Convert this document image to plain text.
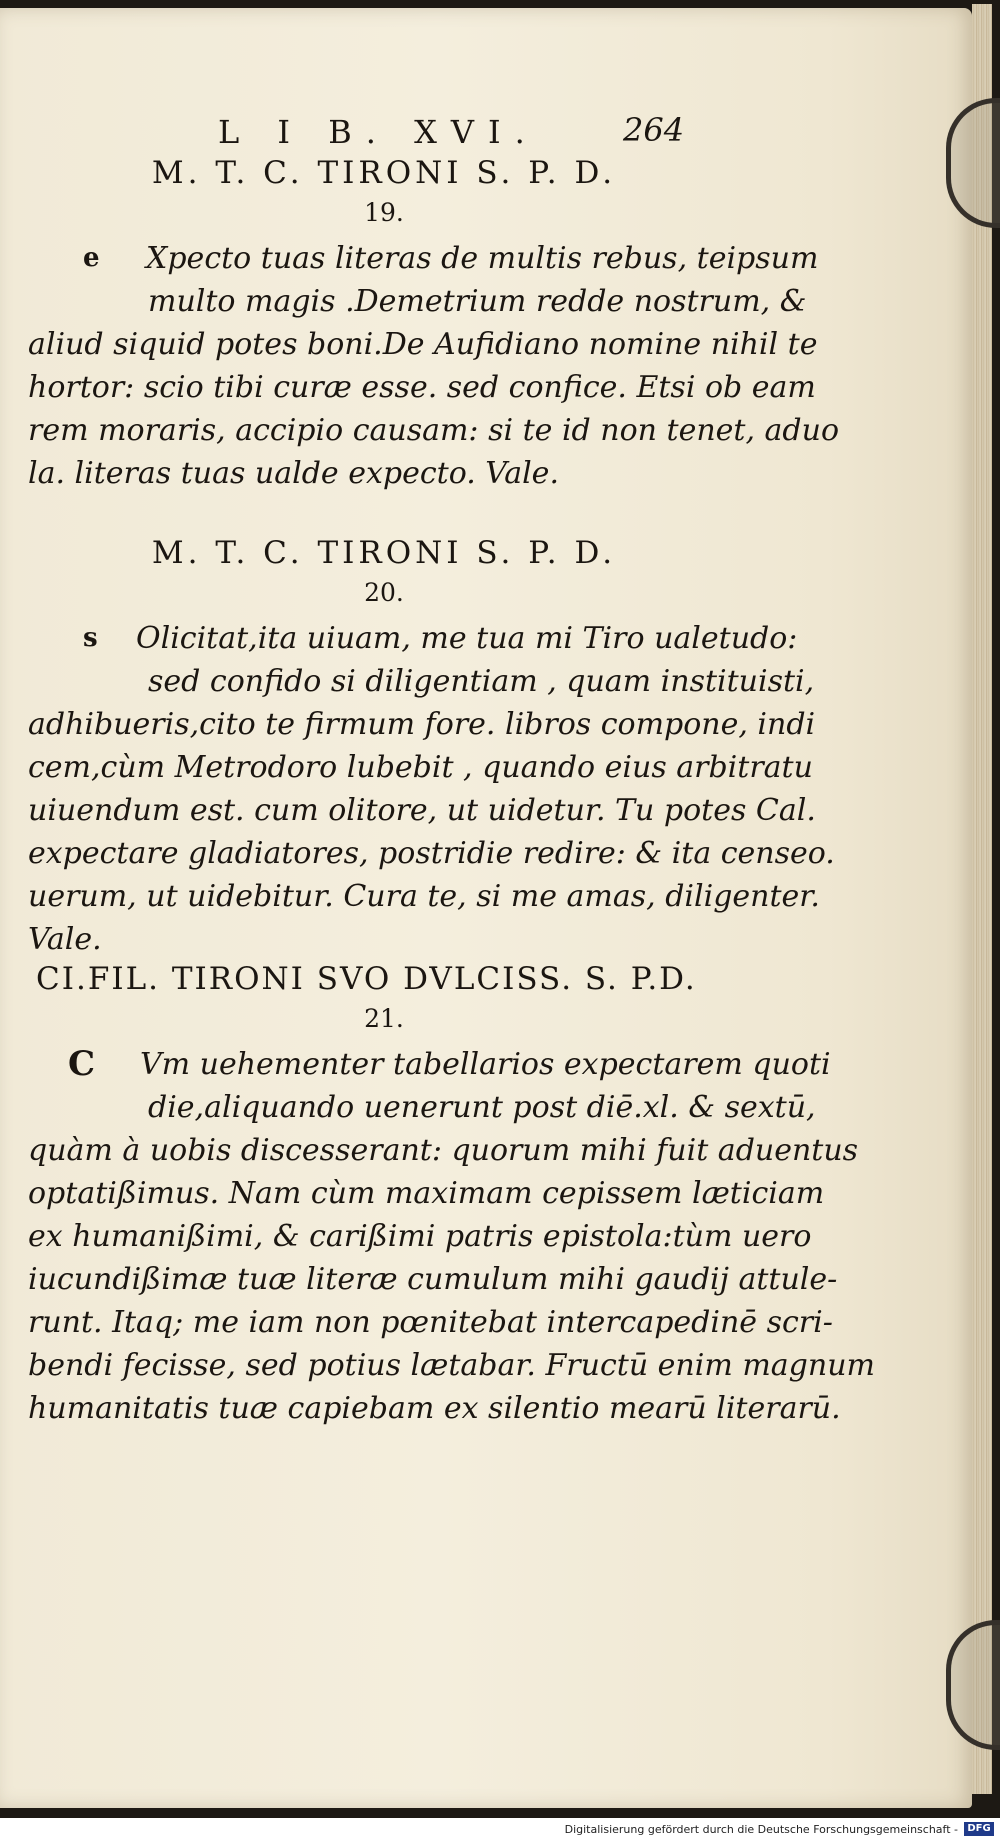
L I B. XVI.	264
M. T. C. TIRONI S. P. D.
19.
e	Xpecto tuas literas de multis rebus, teipsum
multo magis .Demetrium redde nostrum, &
aliud siquid potes boni.De Aufidiano nomine nihil te
hortor: scio tibi curæ esse. sed confice. Etsi ob eam
rem moraris, accipio causam: si te id non tenet, aduo
la. literas tuas ualde expecto. Vale.
M. T. C. TIRONI S. P. D.
20.
s	Olicitat,ita uiuam, me tua mi Tiro ualetudo:
sed confido si diligentiam , quam instituisti,
adhibueris,cito te firmum fore. libros compone, indi
cem,cùm Metrodoro lubebit , quando eius arbitratu
uiuendum est. cum olitore, ut uidetur. Tu potes Cal.
expectare gladiatores, postridie redire: & ita censeo.
uerum, ut uidebitur. Cura te, si me amas, diligenter.
Vale.
CI.FIL. TIRONI SVO DVLCISS. S. P.D.
21.
C	Vm uehementer tabellarios expectarem quoti
die,aliquando uenerunt post diē.xl. & sextū,
quàm à uobis discesserant: quorum mihi fuit aduentus
optatißimus. Nam cùm maximam cepissem læticiam
ex humanißimi, & carißimi patris epistola:tùm uero
iucundißimæ tuæ literæ cumulum mihi gaudij attule-
runt. Itaq; me iam non pœnitebat intercapedinē scri-
bendi fecisse, sed potius lætabar. Fructū enim magnum
humanitatis tuæ capiebam ex silentio mearū literarū.
Digitalisierung gefördert durch die Deutsche Forschungsgemeinschaft - DFG
